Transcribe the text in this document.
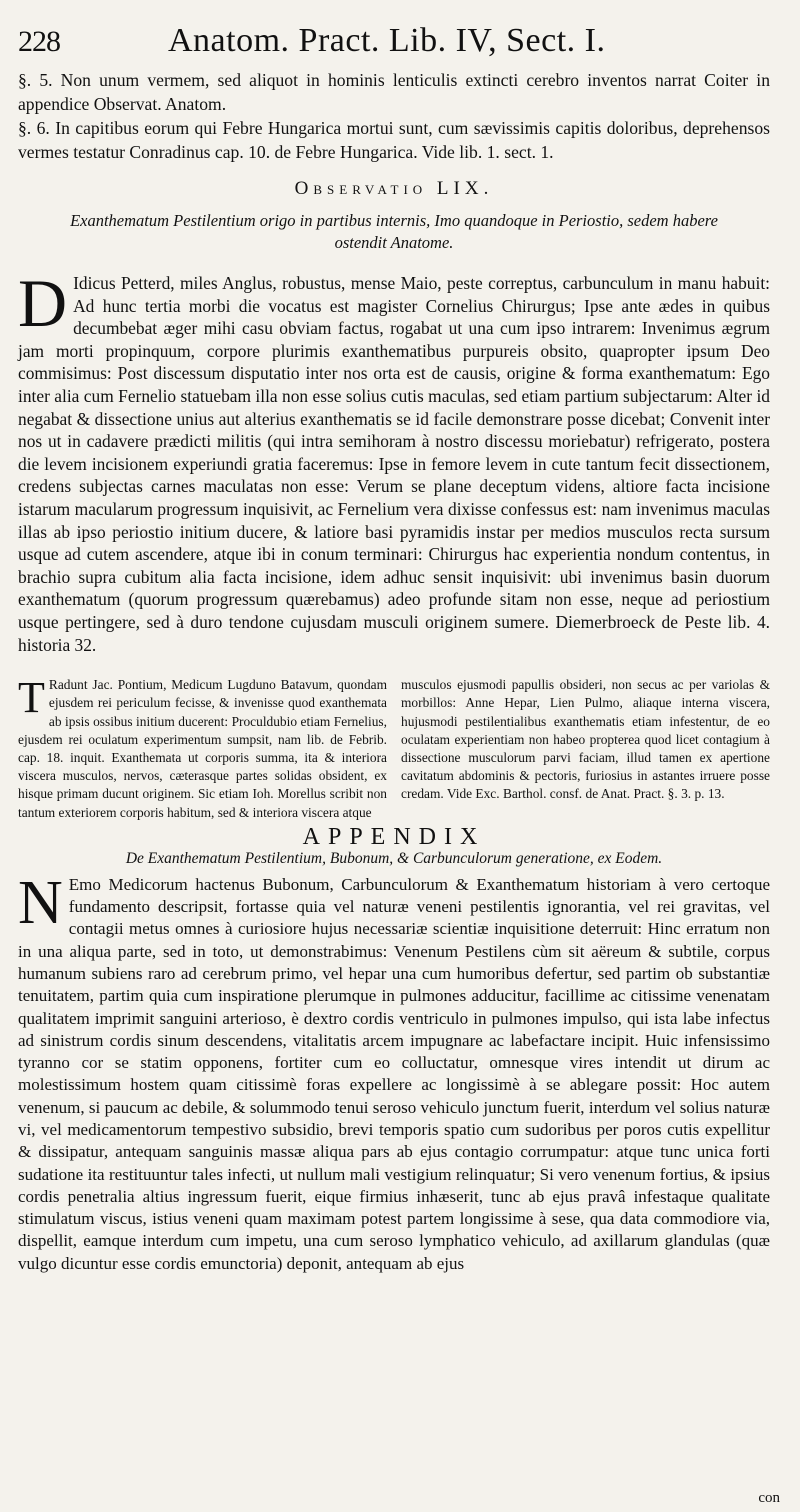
228	Anatom. Pract. Lib. IV, Sect. I.

§. 5. Non unum vermem, sed aliquot in hominis lenticulis extincti cerebro inventos narrat Coiter in appendice Observat. Anatom.

§. 6. In capitibus eorum qui Febre Hungarica mortui sunt, cum sævissimis capitis doloribus, deprehensos vermes testatur Conradinus cap. 10. de Febre Hungarica. Vide lib. 1. sect. 1.

Observatio LIX.
Exanthematum Pestilentium origo in partibus internis, Imo quandoque in Periostio, sedem habere ostendit Anatome.

D Idicus Petterd, miles Anglus, robustus, mense Maio, peste correptus, carbunculum in manu habuit: Ad hunc tertia morbi die vocatus est magister Cornelius Chirurgus; Ipse ante ædes in quibus decumbebat æger mihi casu obviam factus, rogabat ut una cum ipso intrarem: Invenimus ægrum jam morti propinquum, corpore plurimis exanthematibus purpureis obsito, quapropter ipsum Deo commisimus: Post discessum disputatio inter nos orta est de causis, origine & forma exanthematum: Ego inter alia cum Fernelio statuebam illa non esse solius cutis maculas, sed etiam partium subjectarum: Alter id negabat & dissectione unius aut alterius exanthematis se id facile demonstrare posse dicebat; Convenit inter nos ut in cadavere prædicti militis (qui intra semihoram à nostro discessu moriebatur) refrigerato, postera die levem incisionem experiundi gratia faceremus: Ipse in femore levem in cute tantum fecit dissectionem, credens subjectas carnes maculatas non esse: Verum se plane deceptum videns, altiore facta incisione istarum macularum progressum inquisivit, ac Fernelium vera dixisse confessus est: nam invenimus maculas illas ab ipso periostio initium ducere, & latiore basi pyramidis instar per medios musculos recta sursum usque ad cutem ascendere, atque ibi in conum terminari: Chirurgus hac experientia nondum contentus, in brachio supra cubitum alia facta incisione, idem adhuc sensit inquisivit: ubi invenimus basin duorum exanthematum (quorum progressum quærebamus) adeo profunde sitam non esse, neque ad periostium usque pertingere, sed à duro tendone cujusdam musculi originem sumere. Diemerbroeck de Peste lib. 4. historia 32.

T Radunt Jac. Pontium, Medicum Lugduno Batavum, quondam ejusdem rei periculum fecisse, & invenisse quod exanthemata ab ipsis ossibus initium ducerent: Proculdubio etiam Fernelius, ejusdem rei oculatum experimentum sumpsit, nam lib. de Febrib. cap. 18. inquit. Exanthemata ut corporis summa, ita & interiora viscera musculos, nervos, cæterasque partes solidas obsident, ex hisque primam ducunt originem. Sic etiam Ioh. Morellus scribit non tantum exteriorem corporis habitum, sed & interiora viscera atque

musculos ejusmodi papullis obsideri, non secus ac per variolas & morbillos: Anne Hepar, Lien Pulmo, aliaque interna viscera, hujusmodi pestilentialibus exanthematis etiam infestentur, de eo oculatam experientiam non habeo propterea quod licet contagium à dissectione musculorum parvi faciam, illud tamen ex apertione cavitatum abdominis & pectoris, furiosius in astantes irruere posse credam. Vide Exc. Barthol. consf. de Anat. Pract. §. 3. p. 13.

APPENDIX
De Exanthematum Pestilentium, Bubonum, & Carbunculorum generatione, ex Eodem.

N Emo Medicorum hactenus Bubonum, Carbunculorum & Exanthematum historiam à vero certoque fundamento descripsit, fortasse quia vel naturæ veneni pestilentis ignorantia, vel rei gravitas, vel contagii metus omnes à curiosiore hujus necessariæ scientiæ inquisitione deterruit: Hinc erratum non in una aliqua parte, sed in toto, ut demonstrabimus: Venenum Pestilens cùm sit aëreum & subtile, corpus humanum subiens raro ad cerebrum primo, vel hepar una cum humoribus defertur, sed partim ob substantiæ tenuitatem, partim quia cum inspiratione plerumque in pulmones adducitur, facillime ac citissime venenatam qualitatem imprimit sanguini arterioso, è dextro cordis ventriculo in pulmones impulso, qui ista labe infectus ad sinistrum cordis sinum descendens, vitalitatis arcem impugnare ac labefactare incipit. Huic infensissimo tyranno cor se statim opponens, fortiter cum eo colluctatur, omnesque vires intendit ut dirum ac molestissimum hostem quam citissimè foras expellere ac longissimè à se ablegare possit: Hoc autem venenum, si paucum ac debile, & solummodo tenui seroso vehiculo junctum fuerit, interdum vel solius naturæ vi, vel medicamentorum tempestivo subsidio, brevi temporis spatio cum sudoribus per poros cutis expellitur & dissipatur, antequam sanguinis massæ aliqua pars ab ejus contagio corrumpatur: atque tunc unica forti sudatione ita restituuntur tales infecti, ut nullum mali vestigium relinquatur; Si vero venenum fortius, & ipsius cordis penetralia altius ingressum fuerit, eique firmius inhæserit, tunc ab ejus pravâ infestaque qualitate stimulatum viscus, istius veneni quam maximam potest partem longissime à sese, qua data commodiore via, dispellit, eamque interdum cum impetu, una cum seroso lymphatico vehiculo, ad axillarum glandulas (quæ vulgo dicuntur esse cordis emunctoria) deponit, antequam ab ejus

con
